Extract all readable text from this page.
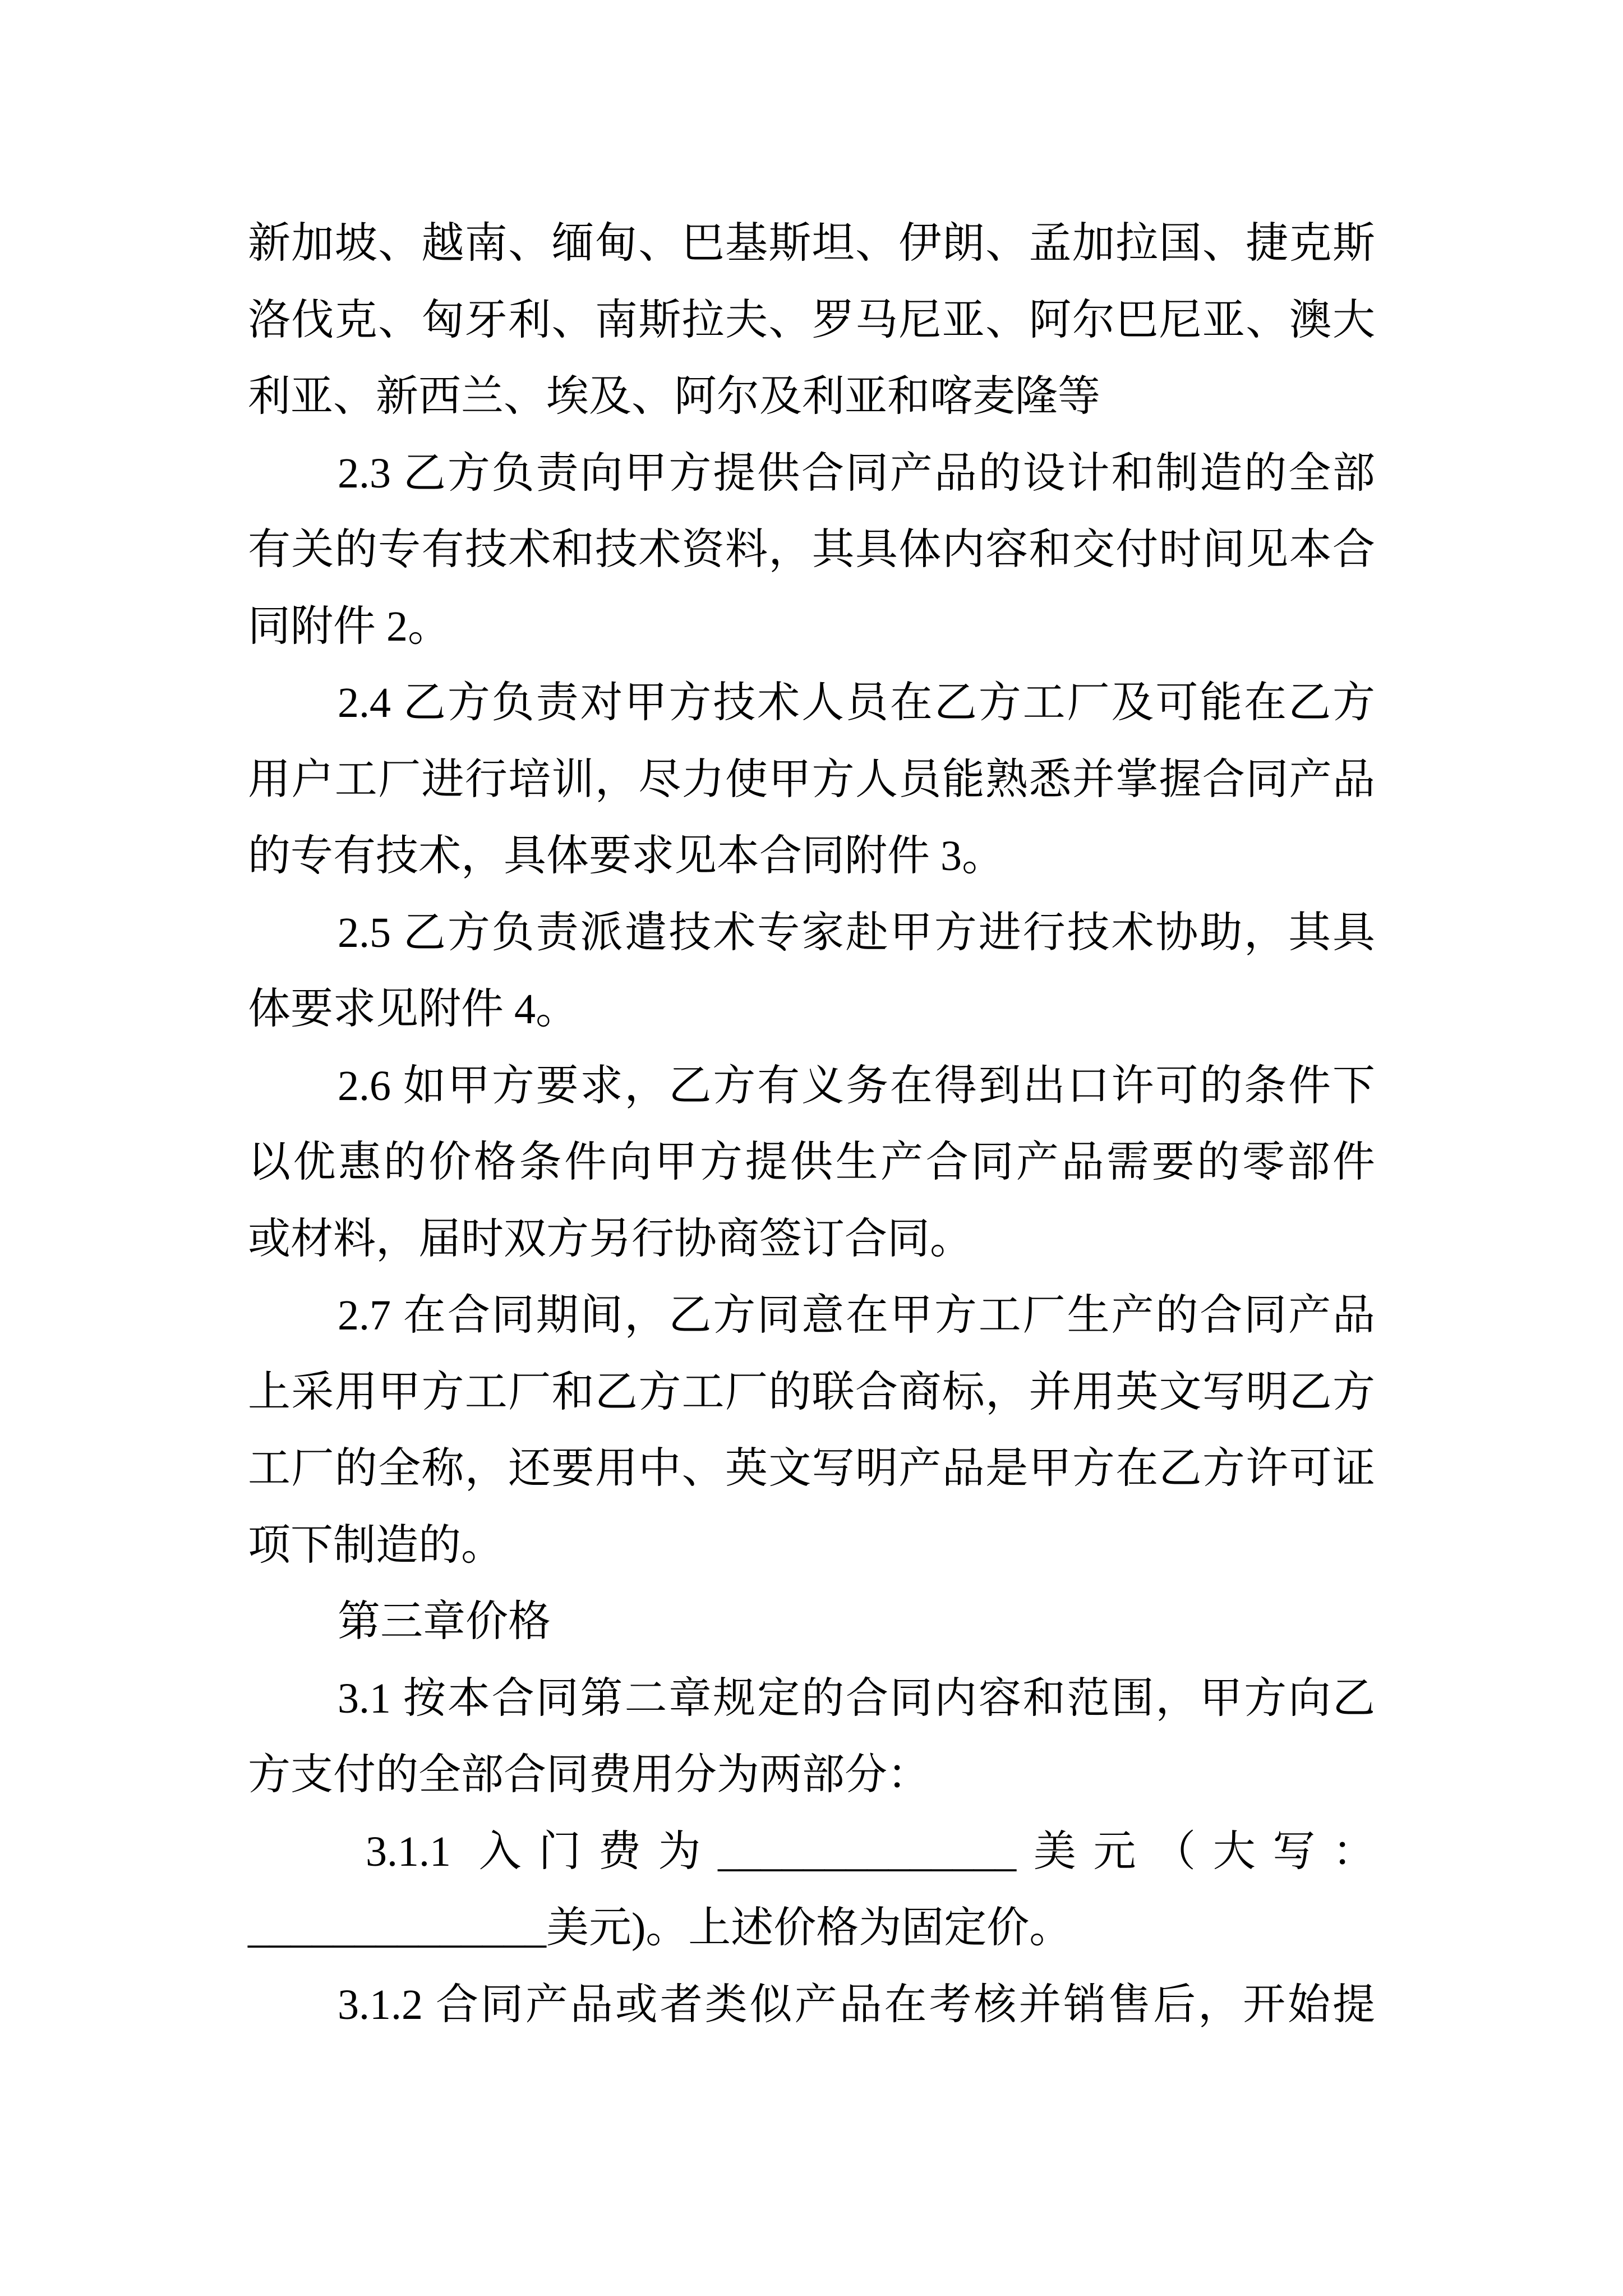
新加坡、越南、缅甸、巴基斯坦、伊朗、孟加拉国、捷克斯
洛伐克、匈牙利、南斯拉夫、罗马尼亚、阿尔巴尼亚、澳大
利亚、新西兰、埃及、阿尔及利亚和喀麦隆等
2.3 乙方负责向甲方提供合同产品的设计和制造的全部
有关的专有技术和技术资料，其具体内容和交付时间见本合
同附件 2。
2.4 乙方负责对甲方技术人员在乙方工厂及可能在乙方
用户工厂进行培训，尽力使甲方人员能熟悉并掌握合同产品
的专有技术，具体要求见本合同附件 3。
2.5 乙方负责派遣技术专家赴甲方进行技术协助，其具
体要求见附件 4。
2.6 如甲方要求，乙方有义务在得到出口许可的条件下
以优惠的价格条件向甲方提供生产合同产品需要的零部件
或材料，届时双方另行协商签订合同。
2.7 在合同期间，乙方同意在甲方工厂生产的合同产品
上采用甲方工厂和乙方工厂的联合商标，并用英文写明乙方
工厂的全称，还要用中、英文写明产品是甲方在乙方许可证
项下制造的。
第三章价格
3.1 按本合同第二章规定的合同内容和范围，甲方向乙
方支付的全部合同费用分为两部分：
3.1.1 入门费为______________美元（大写：
______________美元)。上述价格为固定价。
3.1.2 合同产品或者类似产品在考核并销售后，开始提
